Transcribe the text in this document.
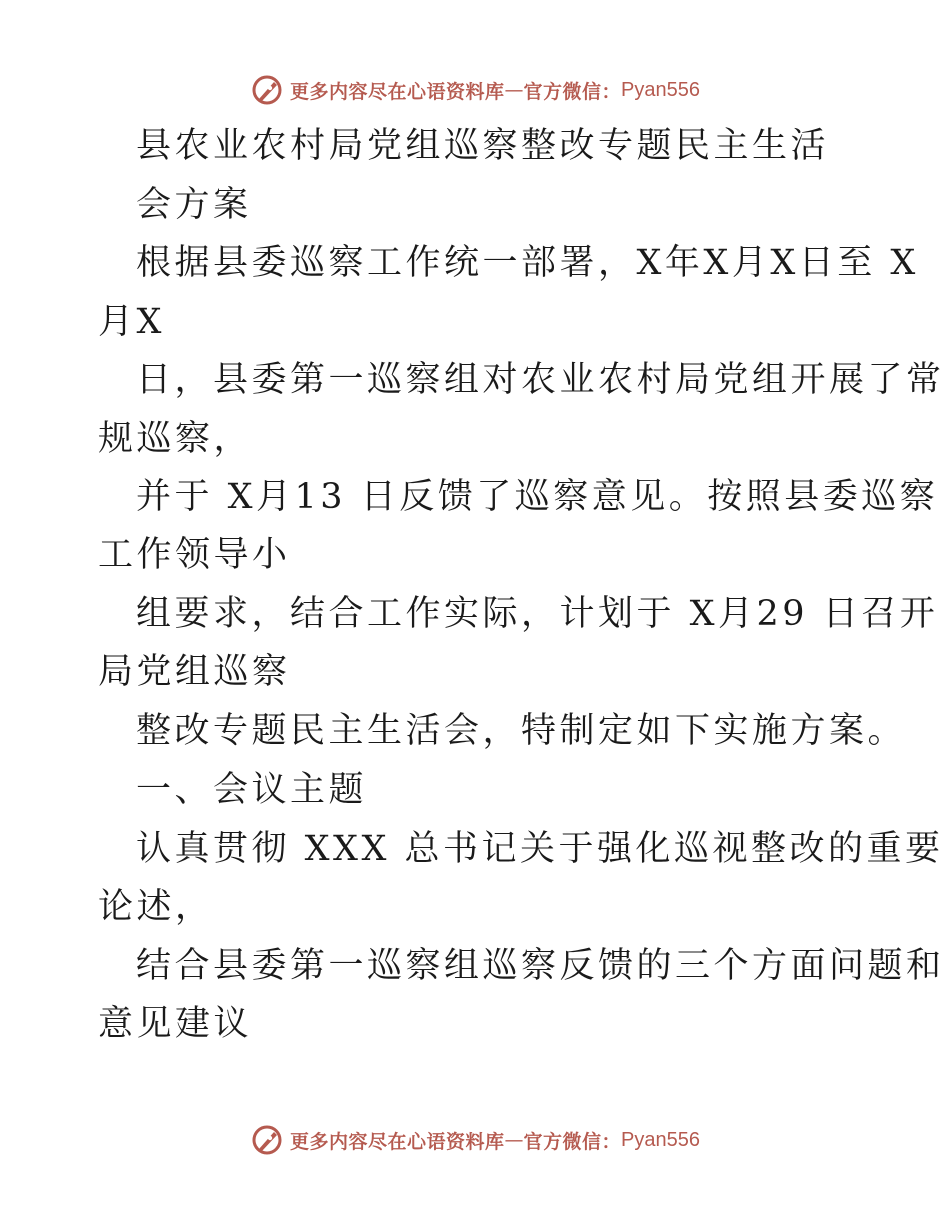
更多内容尽在心语资料库 — 官方微信： Pyan556
县农业农村局党组巡察整改专题民主生活
会方案
根据县委巡察工作统一部署，X年X月X日至 X
月X
日，县委第一巡察组对农业农村局党组开展了常
规巡察，
并于 X月13 日反馈了巡察意见。按照县委巡察
工作领导小
组要求，结合工作实际，计划于 X月29 日召开
局党组巡察
整改专题民主生活会，特制定如下实施方案。
一、会议主题
认真贯彻 XXX 总书记关于强化巡视整改的重要
论述，
结合县委第一巡察组巡察反馈的三个方面问题和
意见建议
更多内容尽在心语资料库 — 官方微信： Pyan556
